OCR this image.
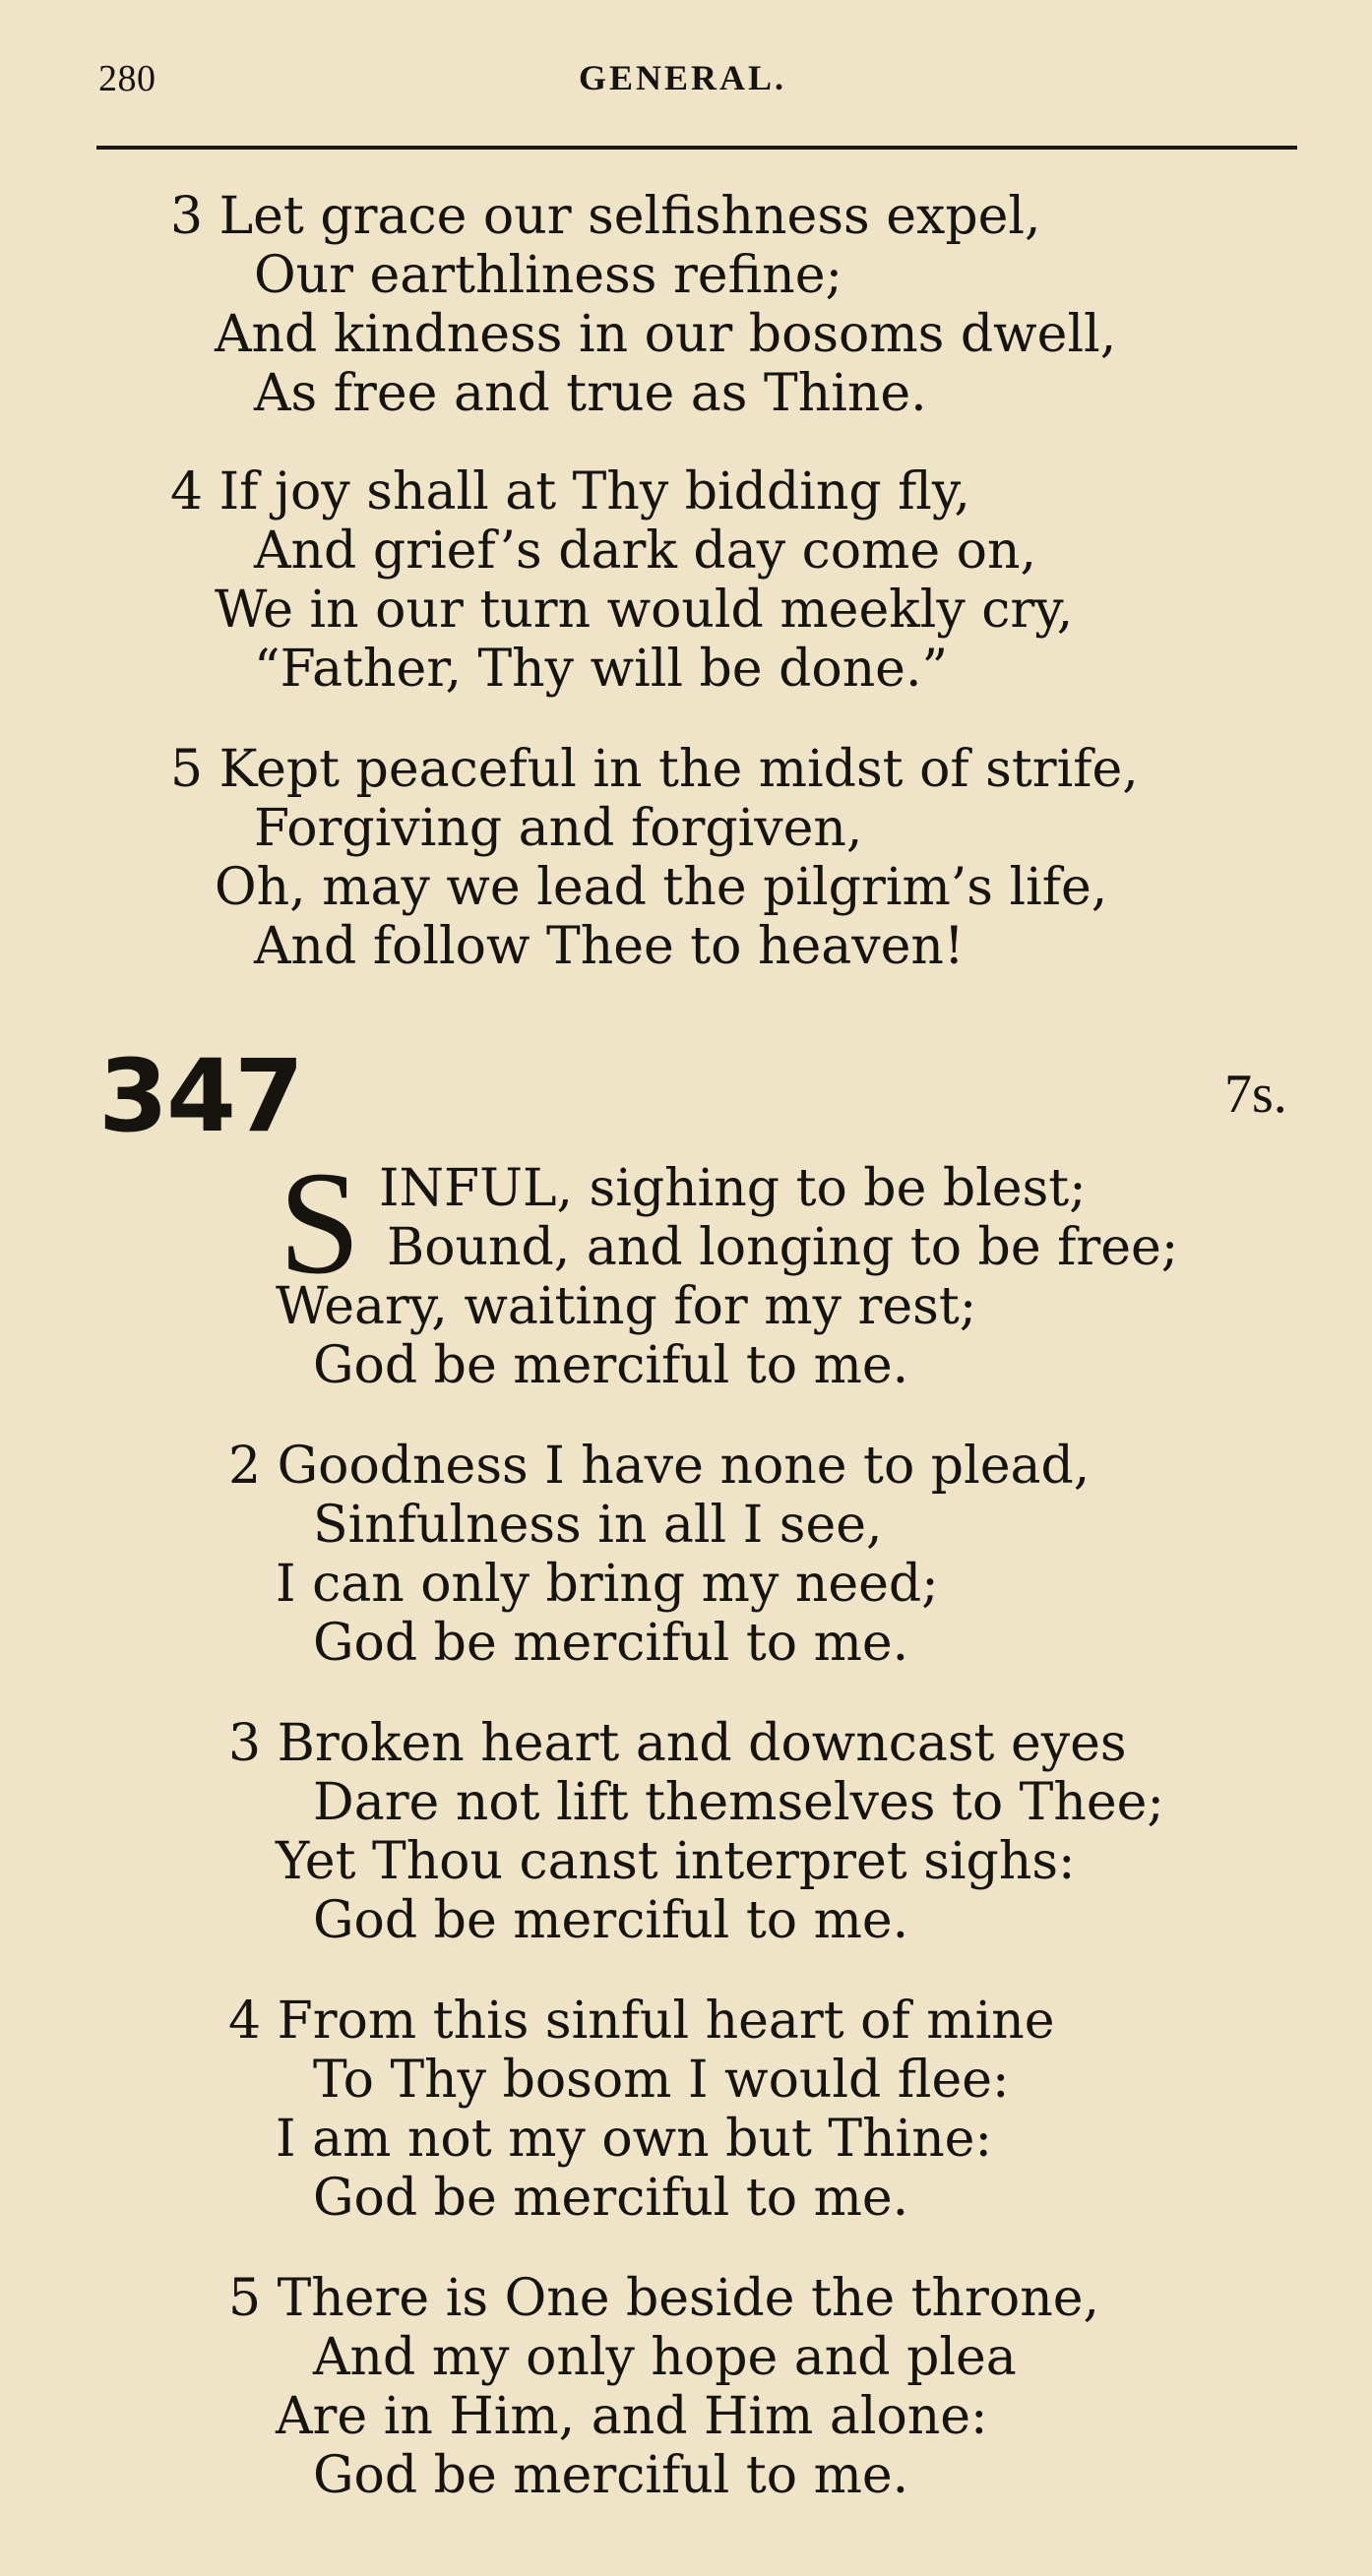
280	GENERAL.
3 Let grace our selfishness expel,
Our earthliness refine;
And kindness in our bosoms dwell,
As free and true as Thine.
4 If joy shall at Thy bidding fly,
And grief’s dark day come on,
We in our turn would meekly cry,
“Father, Thy will be done.”
5 Kept peaceful in the midst of strife,
Forgiving and forgiven,
Oh, may we lead the pilgrim’s life,
And follow Thee to heaven!
347	7s.
S INFUL, sighing to be blest;
Bound, and longing to be free;
Weary, waiting for my rest;
God be merciful to me.
2 Goodness I have none to plead,
Sinfulness in all I see,
I can only bring my need;
God be merciful to me.
3 Broken heart and downcast eyes
Dare not lift themselves to Thee;
Yet Thou canst interpret sighs:
God be merciful to me.
4 From this sinful heart of mine
To Thy bosom I would flee:
I am not my own but Thine:
God be merciful to me.
5 There is One beside the throne,
And my only hope and plea
Are in Him, and Him alone:
God be merciful to me.
